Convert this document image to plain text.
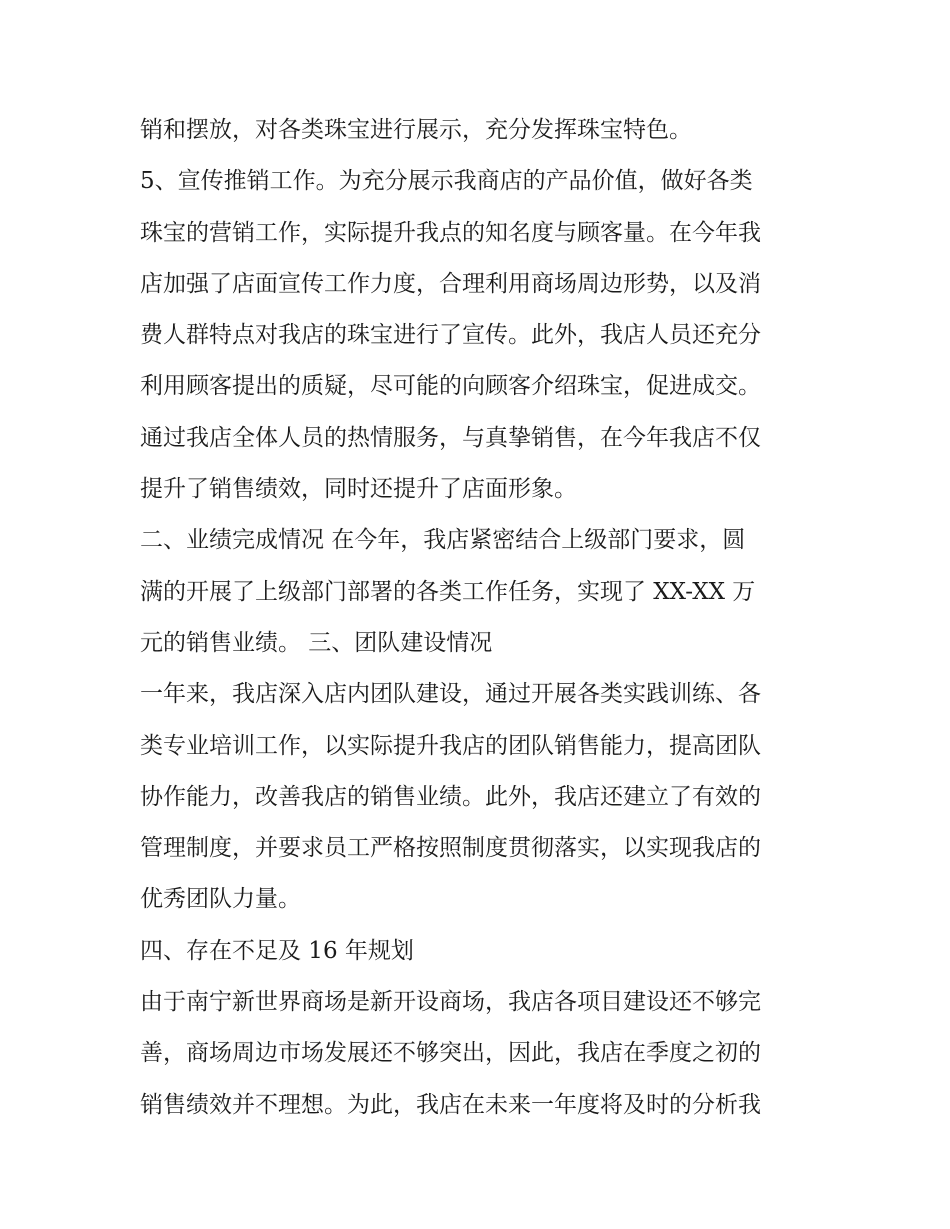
销和摆放，对各类珠宝进行展示，充分发挥珠宝特色。
5、宣传推销工作。为充分展示我商店的产品价值，做好各类
珠宝的营销工作，实际提升我点的知名度与顾客量。在今年我
店加强了店面宣传工作力度，合理利用商场周边形势，以及消
费人群特点对我店的珠宝进行了宣传。此外，我店人员还充分
利用顾客提出的质疑，尽可能的向顾客介绍珠宝，促进成交。
通过我店全体人员的热情服务，与真挚销售，在今年我店不仅
提升了销售绩效，同时还提升了店面形象。
二、业绩完成情况 在今年，我店紧密结合上级部门要求，圆
满的开展了上级部门部署的各类工作任务，实现了 XX-XX 万
元的销售业绩。 三、团队建设情况
一年来，我店深入店内团队建设，通过开展各类实践训练、各
类专业培训工作，以实际提升我店的团队销售能力，提高团队
协作能力，改善我店的销售业绩。此外，我店还建立了有效的
管理制度，并要求员工严格按照制度贯彻落实，以实现我店的
优秀团队力量。
四、存在不足及 16 年规划
由于南宁新世界商场是新开设商场，我店各项目建设还不够完
善，商场周边市场发展还不够突出，因此，我店在季度之初的
销售绩效并不理想。为此，我店在未来一年度将及时的分析我
